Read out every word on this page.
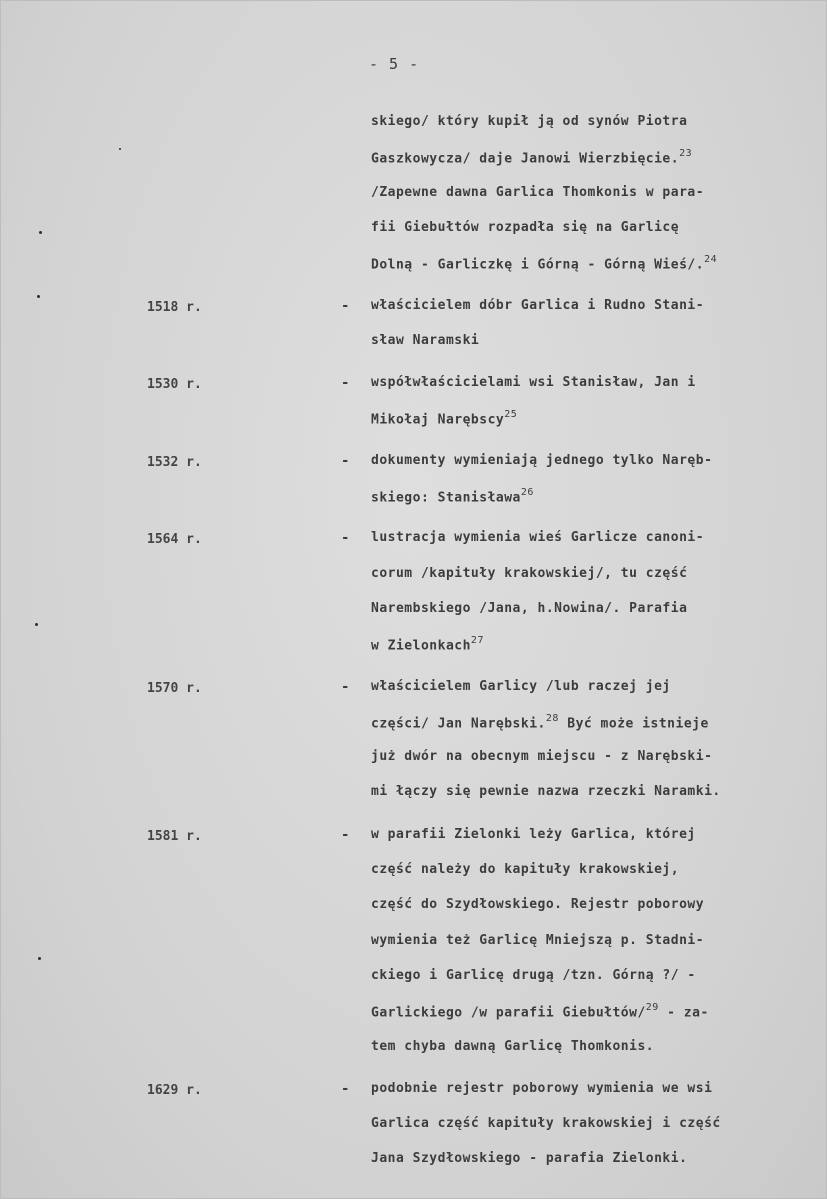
- 5 -
skiego/ który kupił ją od synów Piotra
Gaszkowycza/ daje Janowi Wierzbięcie.$^{23}$
/Zapewne dawna Garlica Thomkonis w para-
fii Giebułtów rozpadła się na Garlicę
Dolną - Garliczkę i Górną - Górną Wieś/.$^{24}$
1518 r.	- właścicielem dóbr Garlica i Rudno Stani-
sław Naramski
1530 r.	- współwłaścicielami wsi Stanisław, Jan i
Mikołaj Narębscy$^{25}$
1532 r.	- dokumenty wymieniają jednego tylko Naręb-
skiego: Stanisława$^{26}$
1564 r.	- lustracja wymienia wieś Garlicze canoni-
corum /kapituły krakowskiej/, tu część
Narembskiego /Jana, h.Nowina/. Parafia
w Zielonkach$^{27}$
1570 r.	- właścicielem Garlicy /lub raczej jej
części/ Jan Narębski.$^{28}$ Być może istnieje
już dwór na obecnym miejscu - z Narębski-
mi łączy się pewnie nazwa rzeczki Naramki.
1581 r.	- w parafii Zielonki leży Garlica, której
część należy do kapituły krakowskiej,
część do Szydłowskiego. Rejestr poborowy
wymienia też Garlicę Mniejszą p. Stadni-
ckiego i Garlicę drugą /tzn. Górną ?/ -
Garlickiego /w parafii Giebułtów/$^{29}$ - za-
tem chyba dawną Garlicę Thomkonis.
1629 r.	- podobnie rejestr poborowy wymienia we wsi
Garlica część kapituły krakowskiej i część
Jana Szydłowskiego - parafia Zielonki.
